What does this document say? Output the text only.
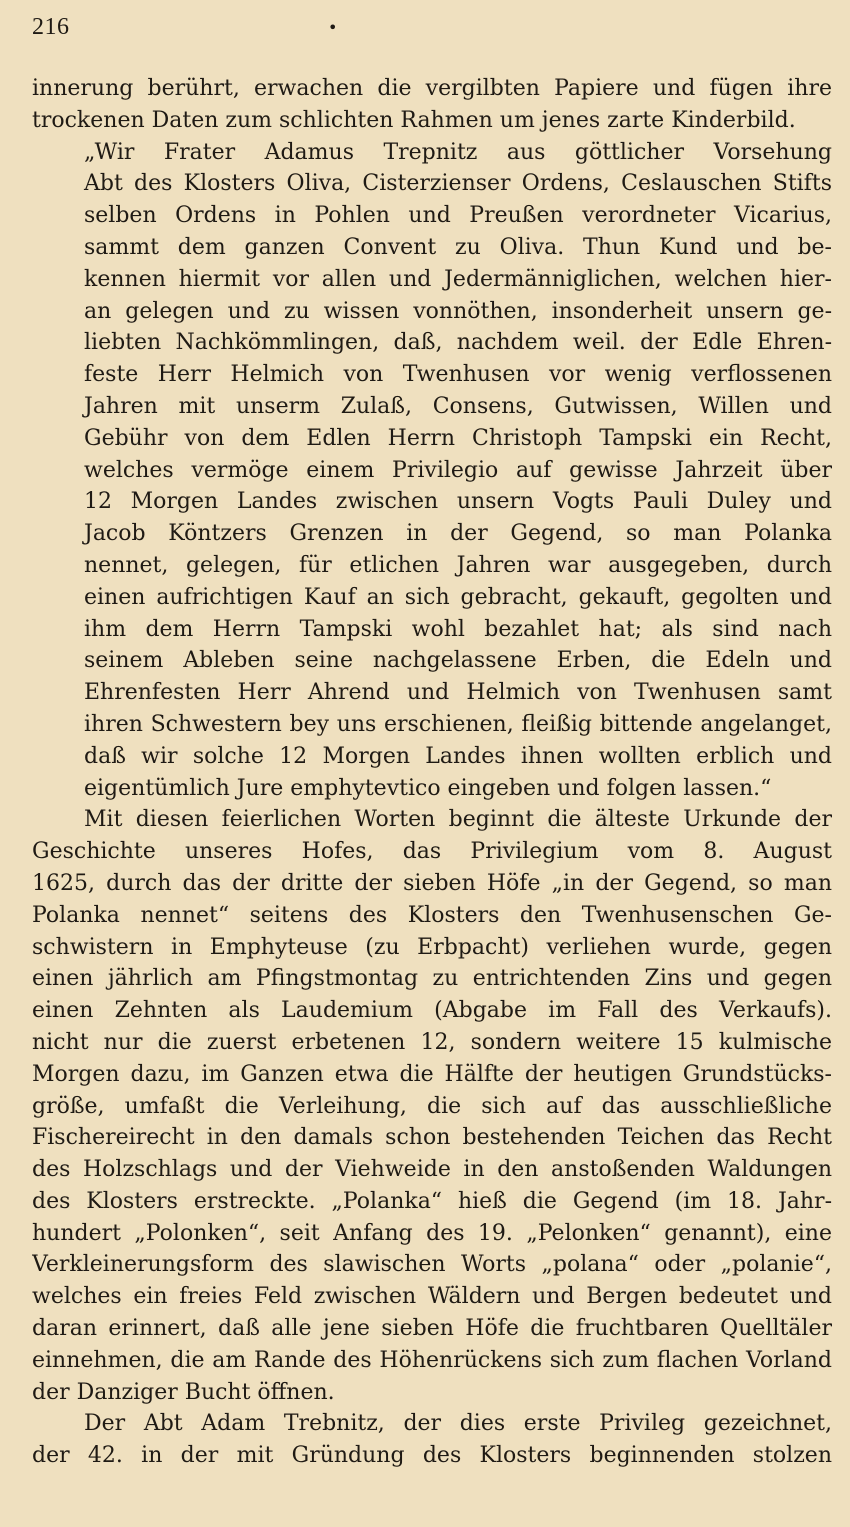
216	•
innerung berührt, erwachen die vergilbten Papiere und fügen ihre
trockenen Daten zum schlichten Rahmen um jenes zarte Kinderbild.
„Wir Frater Adamus Trepnitz aus göttlicher Vorsehung
Abt des Klosters Oliva, Cisterzienser Ordens, Ceslauschen Stifts
selben Ordens in Pohlen und Preußen verordneter Vicarius,
sammt dem ganzen Convent zu Oliva. Thun Kund und be-
kennen hiermit vor allen und Jedermänniglichen, welchen hier-
an gelegen und zu wissen vonnöthen, insonderheit unsern ge-
liebten Nachkömmlingen, daß, nachdem weil. der Edle Ehren-
feste Herr Helmich von Twenhusen vor wenig verflossenen
Jahren mit unserm Zulaß, Consens, Gutwissen, Willen und
Gebühr von dem Edlen Herrn Christoph Tampski ein Recht,
welches vermöge einem Privilegio auf gewisse Jahrzeit über
12 Morgen Landes zwischen unsern Vogts Pauli Duley und
Jacob Köntzers Grenzen in der Gegend, so man Polanka
nennet, gelegen, für etlichen Jahren war ausgegeben, durch
einen aufrichtigen Kauf an sich gebracht, gekauft, gegolten und
ihm dem Herrn Tampski wohl bezahlet hat; als sind nach
seinem Ableben seine nachgelassene Erben, die Edeln und
Ehrenfesten Herr Ahrend und Helmich von Twenhusen samt
ihren Schwestern bey uns erschienen, fleißig bittende angelanget,
daß wir solche 12 Morgen Landes ihnen wollten erblich und
eigentümlich Jure emphytevtico eingeben und folgen lassen.“
Mit diesen feierlichen Worten beginnt die älteste Urkunde der
Geschichte unseres Hofes, das Privilegium vom 8. August
1625, durch das der dritte der sieben Höfe „in der Gegend, so man
Polanka nennet“ seitens des Klosters den Twenhusenschen Ge-
schwistern in Emphyteuse (zu Erbpacht) verliehen wurde, gegen
einen jährlich am Pfingstmontag zu entrichtenden Zins und gegen
einen Zehnten als Laudemium (Abgabe im Fall des Verkaufs).
nicht nur die zuerst erbetenen 12, sondern weitere 15 kulmische
Morgen dazu, im Ganzen etwa die Hälfte der heutigen Grundstücks-
größe, umfaßt die Verleihung, die sich auf das ausschließliche
Fischereirecht in den damals schon bestehenden Teichen das Recht
des Holzschlags und der Viehweide in den anstoßenden Waldungen
des Klosters erstreckte. „Polanka“ hieß die Gegend (im 18. Jahr-
hundert „Polonken“, seit Anfang des 19. „Pelonken“ genannt), eine
Verkleinerungsform des slawischen Worts „polana“ oder „polanie“,
welches ein freies Feld zwischen Wäldern und Bergen bedeutet und
daran erinnert, daß alle jene sieben Höfe die fruchtbaren Quelltäler
einnehmen, die am Rande des Höhenrückens sich zum flachen Vorland
der Danziger Bucht öffnen.
Der Abt Adam Trebnitz, der dies erste Privileg gezeichnet,
der 42. in der mit Gründung des Klosters beginnenden stolzen
